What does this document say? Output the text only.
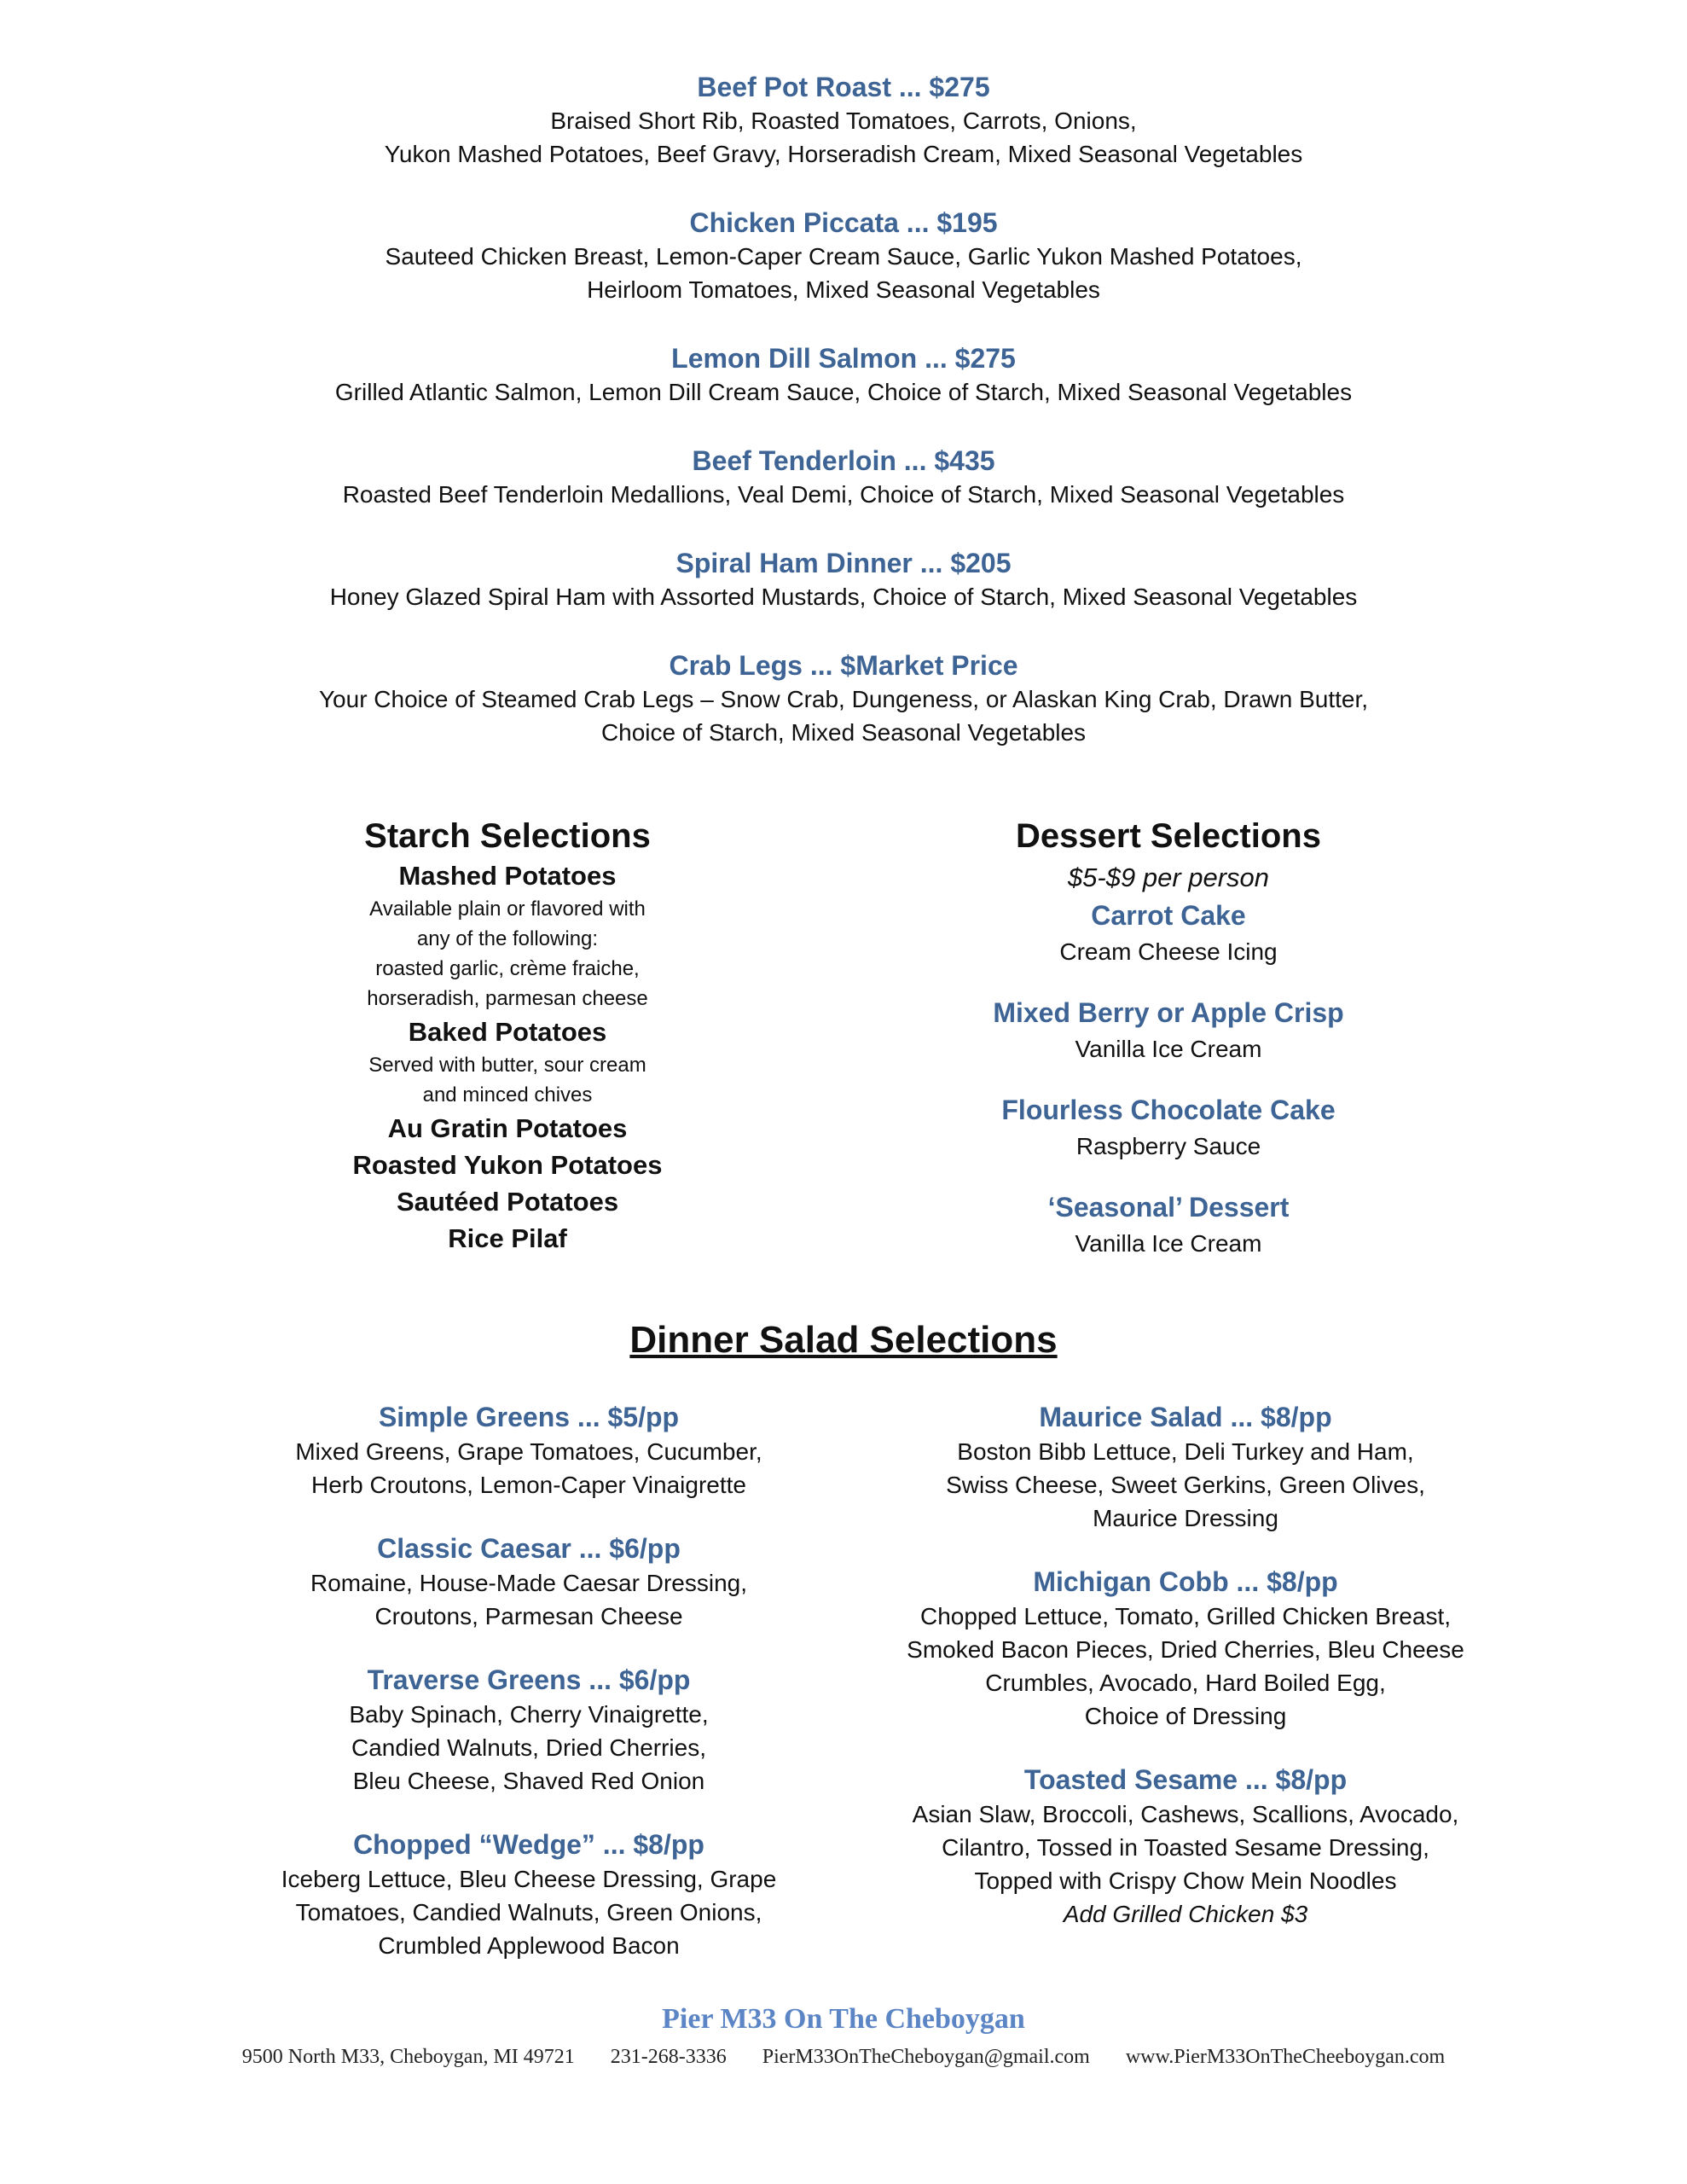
Beef Pot Roast ... $275
Braised Short Rib, Roasted Tomatoes, Carrots, Onions,
Yukon Mashed Potatoes, Beef Gravy, Horseradish Cream, Mixed Seasonal Vegetables
Chicken Piccata ... $195
Sauteed Chicken Breast, Lemon-Caper Cream Sauce, Garlic Yukon Mashed Potatoes,
Heirloom Tomatoes, Mixed Seasonal Vegetables
Lemon Dill Salmon ... $275
Grilled Atlantic Salmon, Lemon Dill Cream Sauce, Choice of Starch, Mixed Seasonal Vegetables
Beef Tenderloin ... $435
Roasted Beef Tenderloin Medallions, Veal Demi, Choice of Starch, Mixed Seasonal Vegetables
Spiral Ham Dinner ... $205
Honey Glazed Spiral Ham with Assorted Mustards, Choice of Starch, Mixed Seasonal Vegetables
Crab Legs ... $Market Price
Your Choice of Steamed Crab Legs – Snow Crab, Dungeness, or Alaskan King Crab, Drawn Butter,
Choice of Starch, Mixed Seasonal Vegetables
Starch Selections
Mashed Potatoes
Available plain or flavored with
any of the following:
roasted garlic, crème fraiche,
horseradish, parmesan cheese
Baked Potatoes
Served with butter, sour cream
and minced chives
Au Gratin Potatoes
Roasted Yukon Potatoes
Sautéed Potatoes
Rice Pilaf
Dessert Selections
$5-$9 per person
Carrot Cake
Cream Cheese Icing
Mixed Berry or Apple Crisp
Vanilla Ice Cream
Flourless Chocolate Cake
Raspberry Sauce
‘Seasonal’ Dessert
Vanilla Ice Cream
Dinner Salad Selections
Simple Greens ... $5/pp
Mixed Greens, Grape Tomatoes, Cucumber,
Herb Croutons, Lemon-Caper Vinaigrette
Classic Caesar ... $6/pp
Romaine, House-Made Caesar Dressing,
Croutons, Parmesan Cheese
Traverse Greens ... $6/pp
Baby Spinach, Cherry Vinaigrette,
Candied Walnuts, Dried Cherries,
Bleu Cheese, Shaved Red Onion
Chopped “Wedge” ... $8/pp
Iceberg Lettuce, Bleu Cheese Dressing, Grape
Tomatoes, Candied Walnuts, Green Onions,
Crumbled Applewood Bacon
Maurice Salad ... $8/pp
Boston Bibb Lettuce, Deli Turkey and Ham,
Swiss Cheese, Sweet Gerkins, Green Olives,
Maurice Dressing
Michigan Cobb ... $8/pp
Chopped Lettuce, Tomato, Grilled Chicken Breast,
Smoked Bacon Pieces, Dried Cherries, Bleu Cheese
Crumbles, Avocado, Hard Boiled Egg,
Choice of Dressing
Toasted Sesame ... $8/pp
Asian Slaw, Broccoli, Cashews, Scallions, Avocado,
Cilantro, Tossed in Toasted Sesame Dressing,
Topped with Crispy Chow Mein Noodles
Add Grilled Chicken $3
Pier M33 On The Cheboygan
9500 North M33, Cheboygan, MI 49721 231-268-3336 PierM33OnTheCheboygan@gmail.com www.PierM33OnTheCheeboygan.com
